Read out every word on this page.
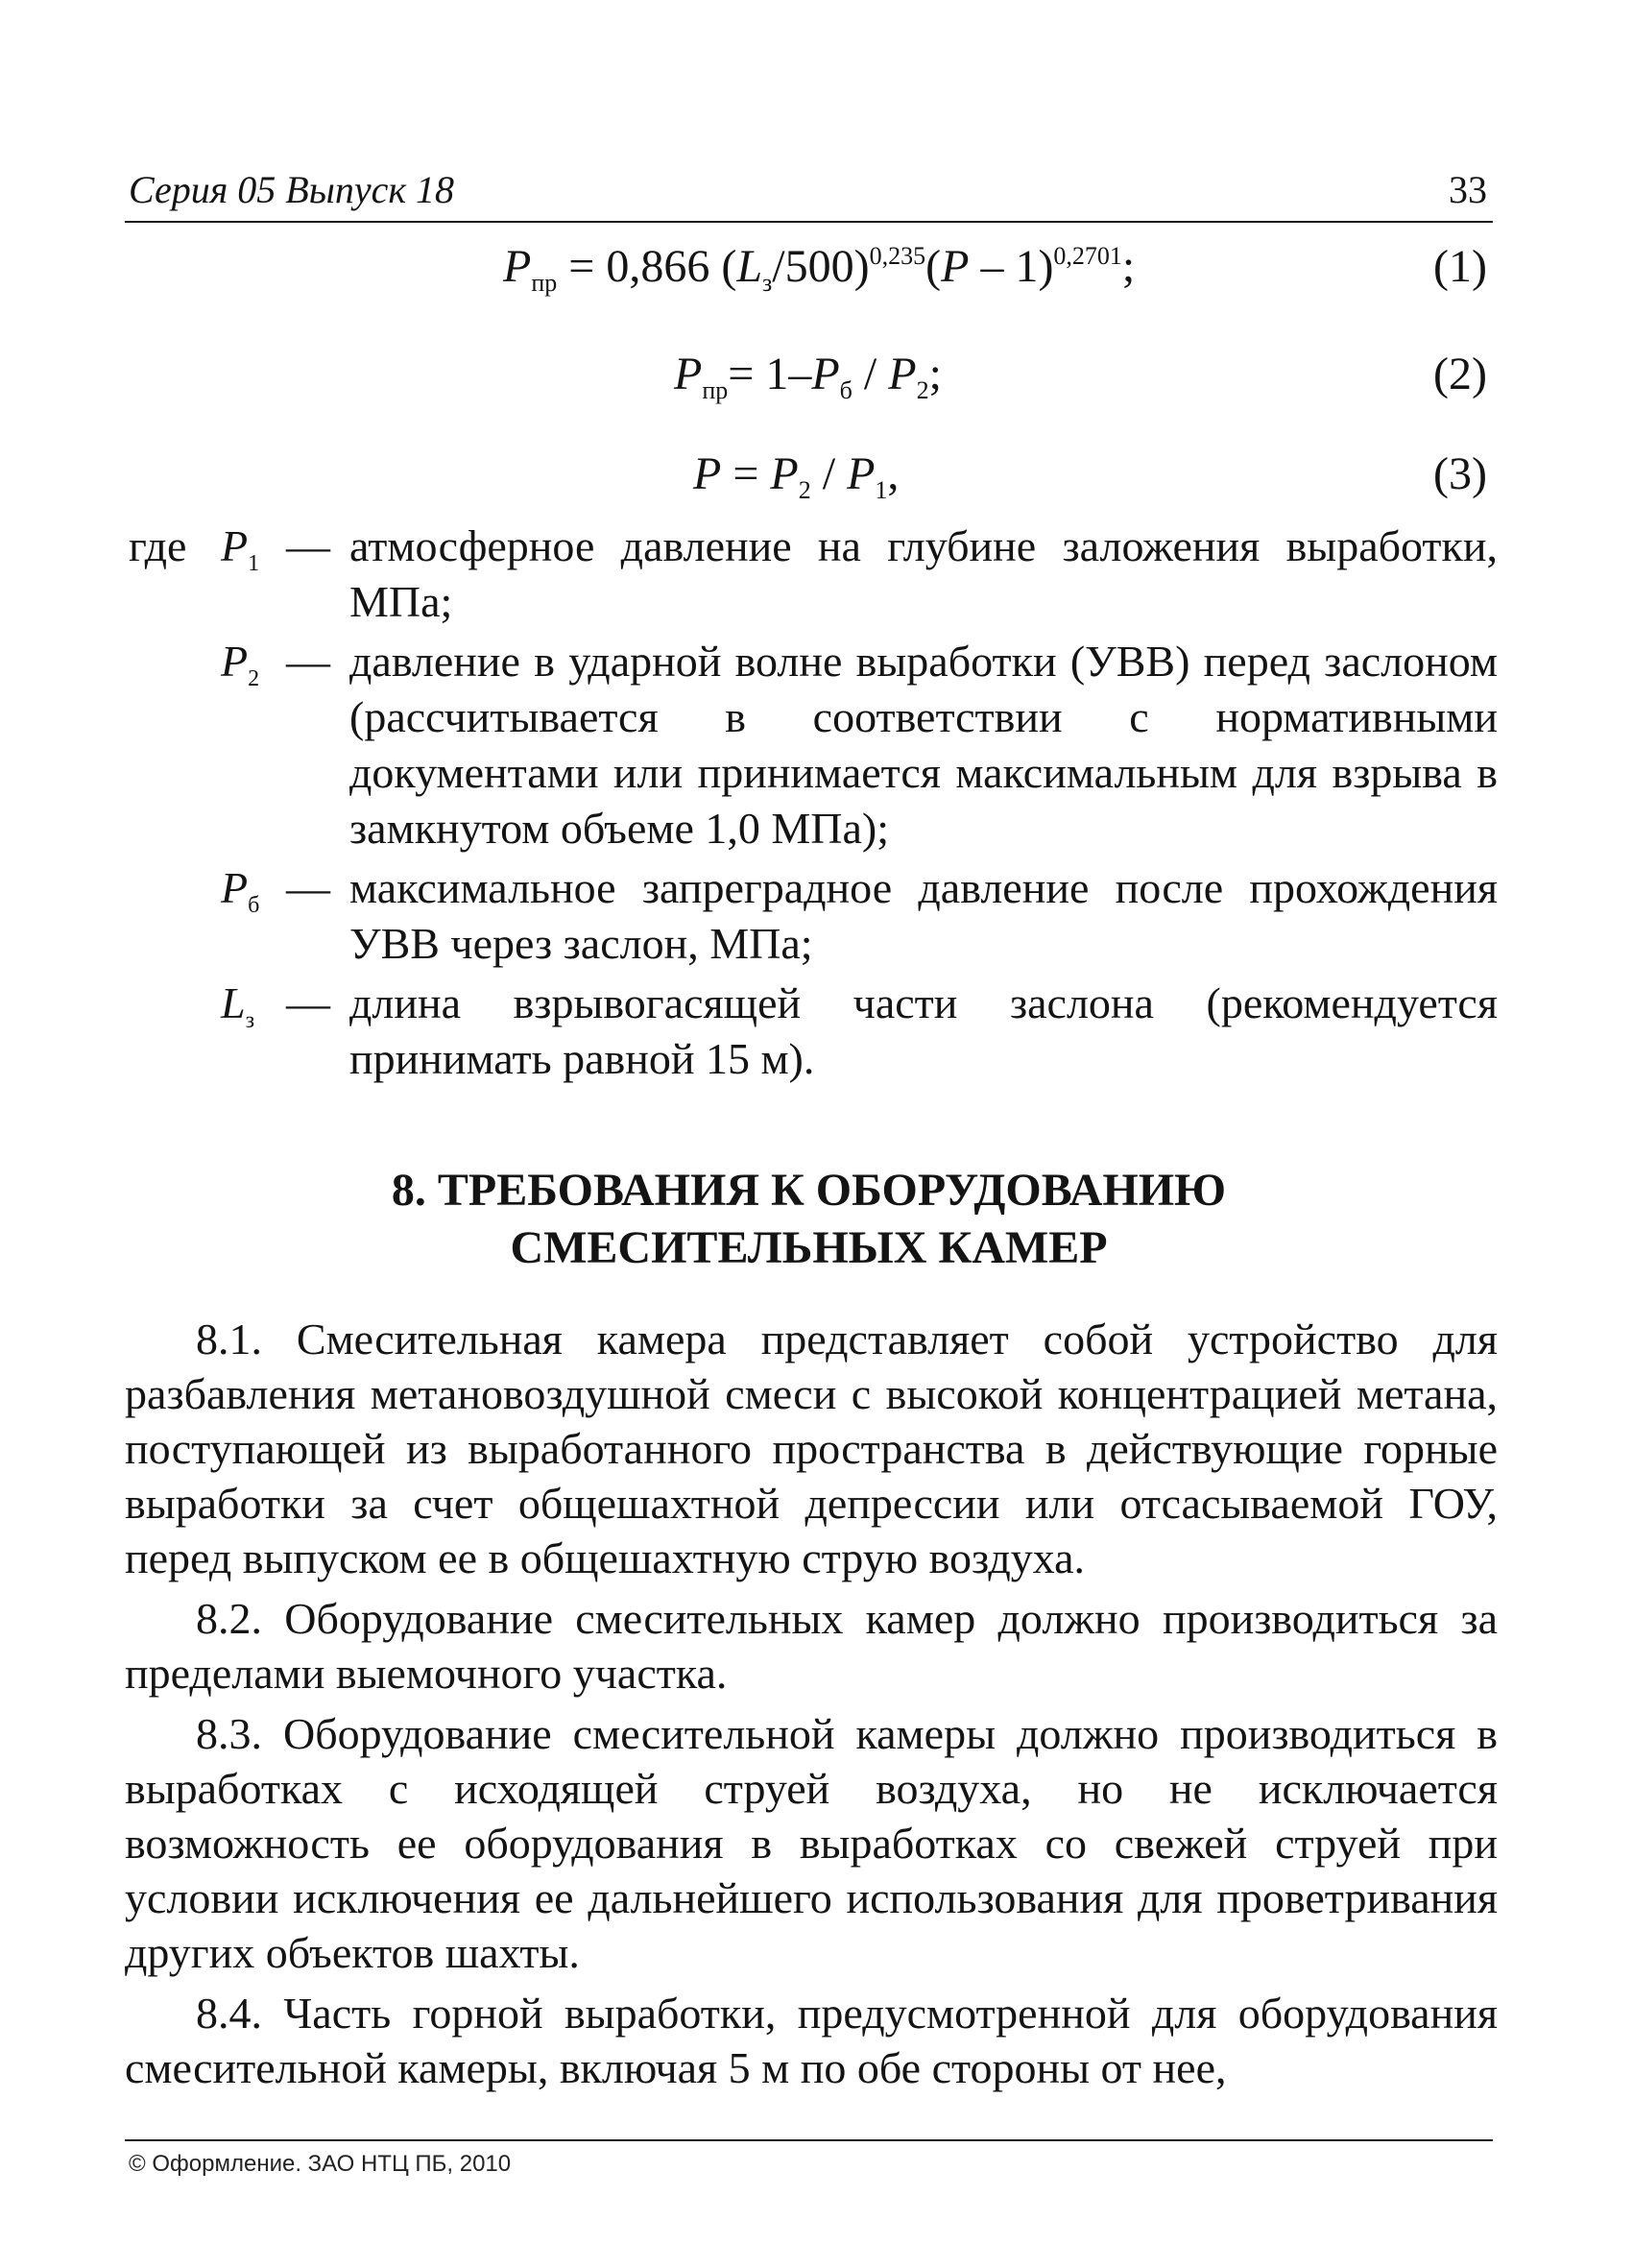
Серия 05 Выпуск 18	33
$P_{пр} = 0,866$ $(L_з/500)^{0,235}(P - 1)^{0,2701}$;	(1)
$P_{пр}= 1-P_б / P_2$;	(2)
$P = P_2 / P_1$,	(3)
где $P_1$ — атмосферное давление на глубине заложения выработки, МПа;
$P_2$ — давление в ударной волне выработки (УВВ) перед заслоном (рассчитывается в соответствии с нормативными документами или принимается максимальным для взрыва в замкнутом объеме 1,0 МПа);
$P_б$ — максимальное запреградное давление после прохождения УВВ через заслон, МПа;
$L_з$ — длина взрывогасящей части заслона (рекомендуется принимать равной 15 м).
8. ТРЕБОВАНИЯ К ОБОРУДОВАНИЮ
СМЕСИТЕЛЬНЫХ КАМЕР

8.1. Смесительная камера представляет собой устройство для разбавления метановоздушной смеси с высокой концентрацией метана, поступающей из выработанного пространства в действующие горные выработки за счет общешахтной депрессии или отсасываемой ГОУ, перед выпуском ее в общешахтную струю воздуха.

8.2. Оборудование смесительных камер должно производиться за пределами выемочного участка.

8.3. Оборудование смесительной камеры должно производиться в выработках с исходящей струей воздуха, но не исключается возможность ее оборудования в выработках со свежей струей при условии исключения ее дальнейшего использования для проветривания других объектов шахты.

8.4. Часть горной выработки, предусмотренной для оборудования смесительной камеры, включая 5 м по обе стороны от нее,

© Оформление. ЗАО НТЦ ПБ, 2010
